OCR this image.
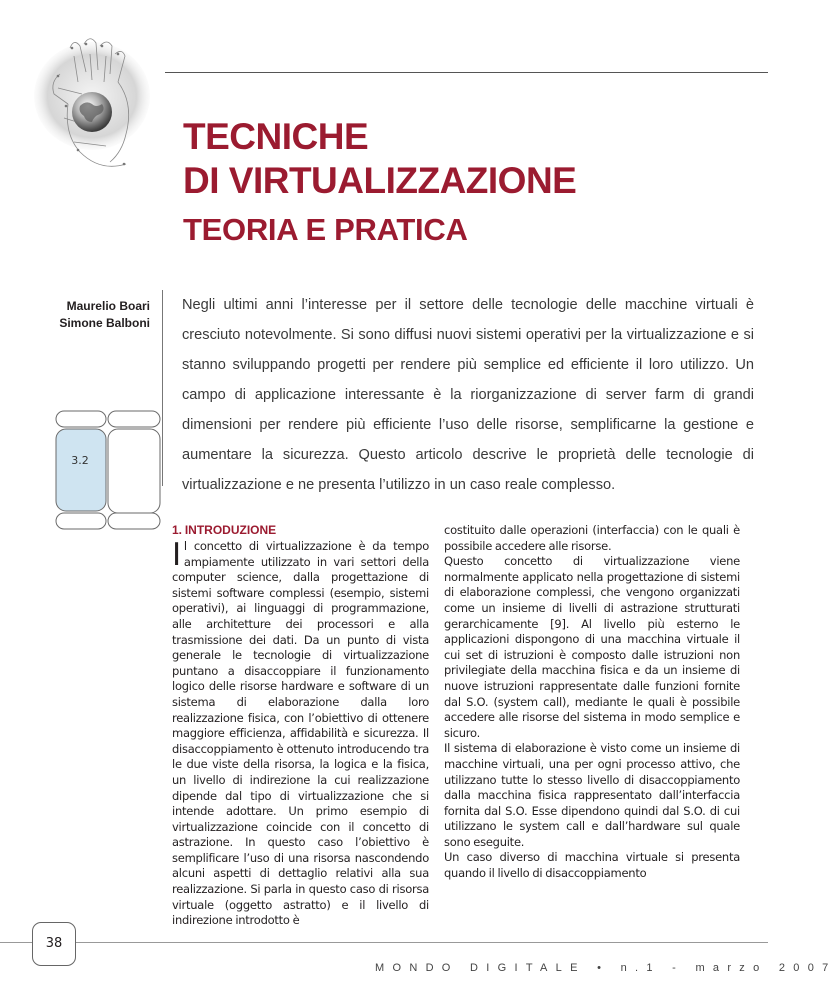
TECNICHE
DI VIRTUALIZZAZIONE
TEORIA E PRATICA
Maurelio Boari
Simone Balboni

Negli ultimi anni l’interesse per il settore delle tecnologie delle macchine virtuali è cresciuto notevolmente. Si sono diffusi nuovi sistemi operativi per la virtualizzazione e si stanno sviluppando progetti per rendere più semplice ed efficiente il loro utilizzo. Un campo di applicazione interessante è la riorganizzazione di server farm di grandi dimensioni per rendere più efficiente l’uso delle risorse, semplificarne la gestione e aumentare la sicurezza. Questo articolo descrive le proprietà delle tecnologie di virtualizzazione e ne presenta l’utilizzo in un caso reale complesso.

3.2
1. INTRODUZIONE
I l concetto di virtualizzazione è da tempo ampiamente utilizzato in vari settori della computer science, dalla progettazione di sistemi software complessi (esempio, sistemi operativi), ai linguaggi di programmazione, alle architetture dei processori e alla trasmissione dei dati. Da un punto di vista generale le tecnologie di virtualizzazione puntano a disaccoppiare il funzionamento logico delle risorse hardware e software di un sistema di elaborazione dalla loro realizzazione fisica, con l’obiettivo di ottenere maggiore efficienza, affidabilità e sicurezza. Il disaccoppiamento è ottenuto introducendo tra le due viste della risorsa, la logica e la fisica, un livello di indirezione la cui realizzazione dipende dal tipo di virtualizzazione che si intende adottare. Un primo esempio di virtualizzazione coincide con il concetto di astrazione. In questo caso l’obiettivo è semplificare l’uso di una risorsa nascondendo alcuni aspetti di dettaglio relativi alla sua realizzazione. Si parla in questo caso di risorsa virtuale (oggetto astratto) e il livello di indirezione introdotto è
costituito dalle operazioni (interfaccia) con le quali è possibile accedere alle risorse.
Questo concetto di virtualizzazione viene normalmente applicato nella progettazione di sistemi di elaborazione complessi, che vengono organizzati come un insieme di livelli di astrazione strutturati gerarchicamente [9]. Al livello più esterno le applicazioni dispongono di una macchina virtuale il cui set di istruzioni è composto dalle istruzioni non privilegiate della macchina fisica e da un insieme di nuove istruzioni rappresentate dalle funzioni fornite dal S.O. (system call), mediante le quali è possibile accedere alle risorse del sistema in modo semplice e sicuro.
Il sistema di elaborazione è visto come un insieme di macchine virtuali, una per ogni processo attivo, che utilizzano tutte lo stesso livello di disaccoppiamento dalla macchina fisica rappresentato dall’interfaccia fornita dal S.O. Esse dipendono quindi dal S.O. di cui utilizzano le system call e dall’hardware sul quale sono eseguite.
Un caso diverso di macchina virtuale si presenta quando il livello di disaccoppiamento
38
MONDO DIGITALE • n.1 - marzo 2007
